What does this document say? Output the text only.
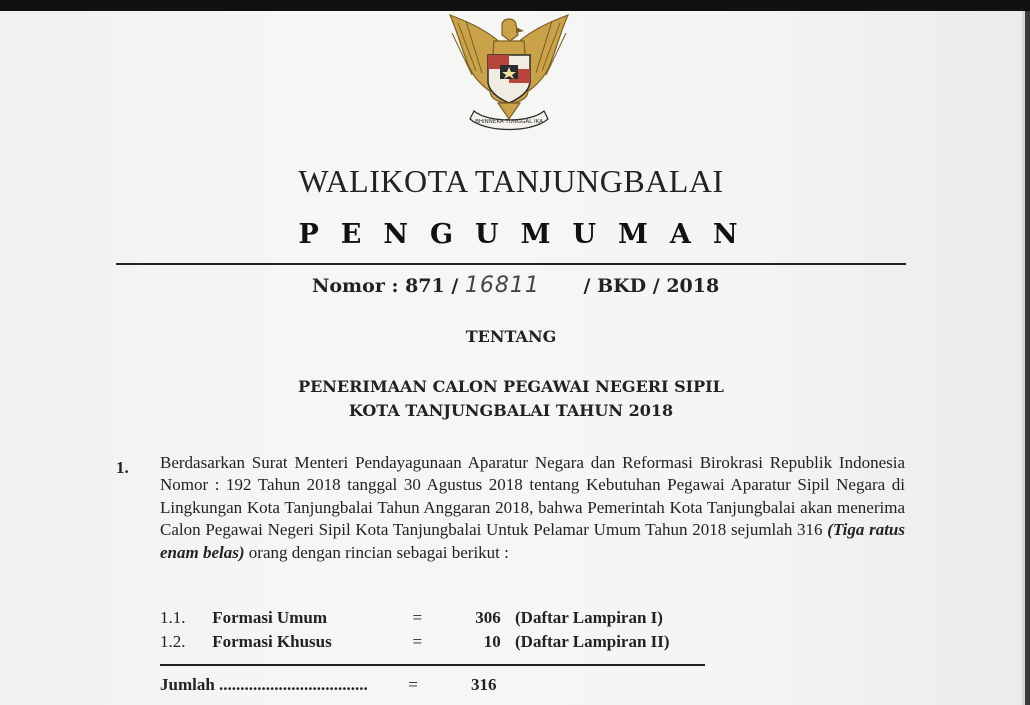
BHINNEKA TUNGGAL IKA
WALIKOTA TANJUNGBALAI
PENGUMUMAN
Nomor : 871 / 16811 / BKD / 2018
TENTANG
PENERIMAAN CALON PEGAWAI NEGERI SIPIL
KOTA TANJUNGBALAI TAHUN 2018
1. Berdasarkan Surat Menteri Pendayagunaan Aparatur Negara dan Reformasi Birokrasi Republik Indonesia Nomor : 192 Tahun 2018 tanggal 30 Agustus 2018 tentang Kebutuhan Pegawai Aparatur Sipil Negara di Lingkungan Kota Tanjungbalai Tahun Anggaran 2018, bahwa Pemerintah Kota Tanjungbalai akan menerima Calon Pegawai Negeri Sipil Kota Tanjungbalai Untuk Pelamar Umum Tahun 2018 sejumlah 316 (Tiga ratus enam belas) orang dengan rincian sebagai berikut :
1.1. Formasi Umum	=	306 (Daftar Lampiran I)
1.2. Formasi Khusus	=	10 (Daftar Lampiran II)
Jumlah ................................... =	316
